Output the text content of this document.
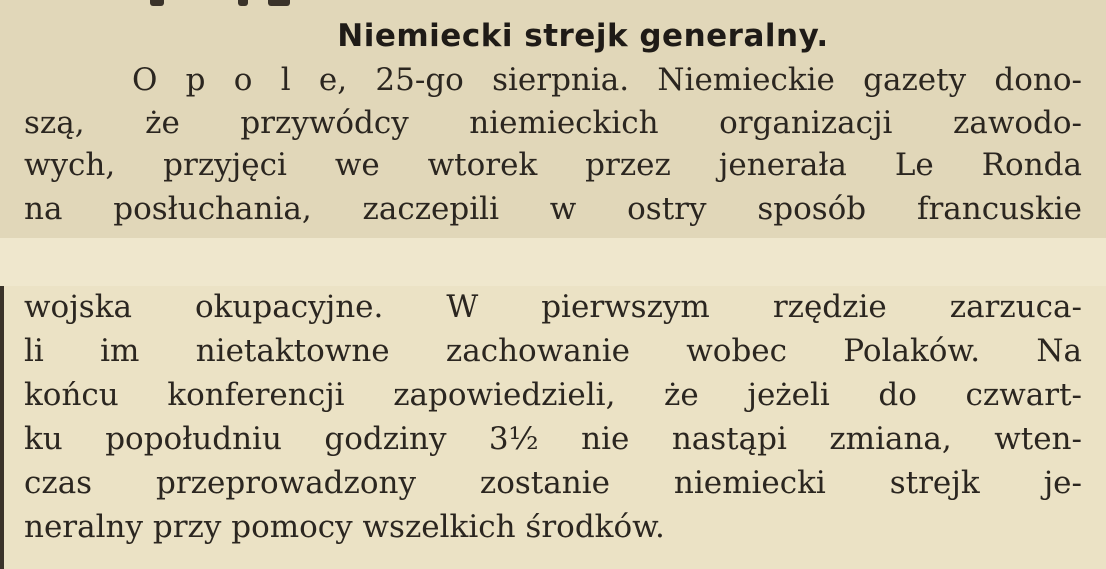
Niemiecki strejk generalny.
O p o l e, 25-go sierpnia. Niemieckie gazety dono-
szą, że przywódcy niemieckich organizacji zawodo-
wych, przyjęci we wtorek przez jenerała Le Ronda
na posłuchania, zaczepili w ostry sposób francuskie
wojska okupacyjne. W pierwszym rzędzie zarzuca-
li im nietaktowne zachowanie wobec Polaków. Na
końcu konferencji zapowiedzieli, że jeżeli do czwart-
ku popołudniu godziny 3½ nie nastąpi zmiana, wten-
czas przeprowadzony zostanie niemiecki strejk je-
neralny przy pomocy wszelkich środków.
